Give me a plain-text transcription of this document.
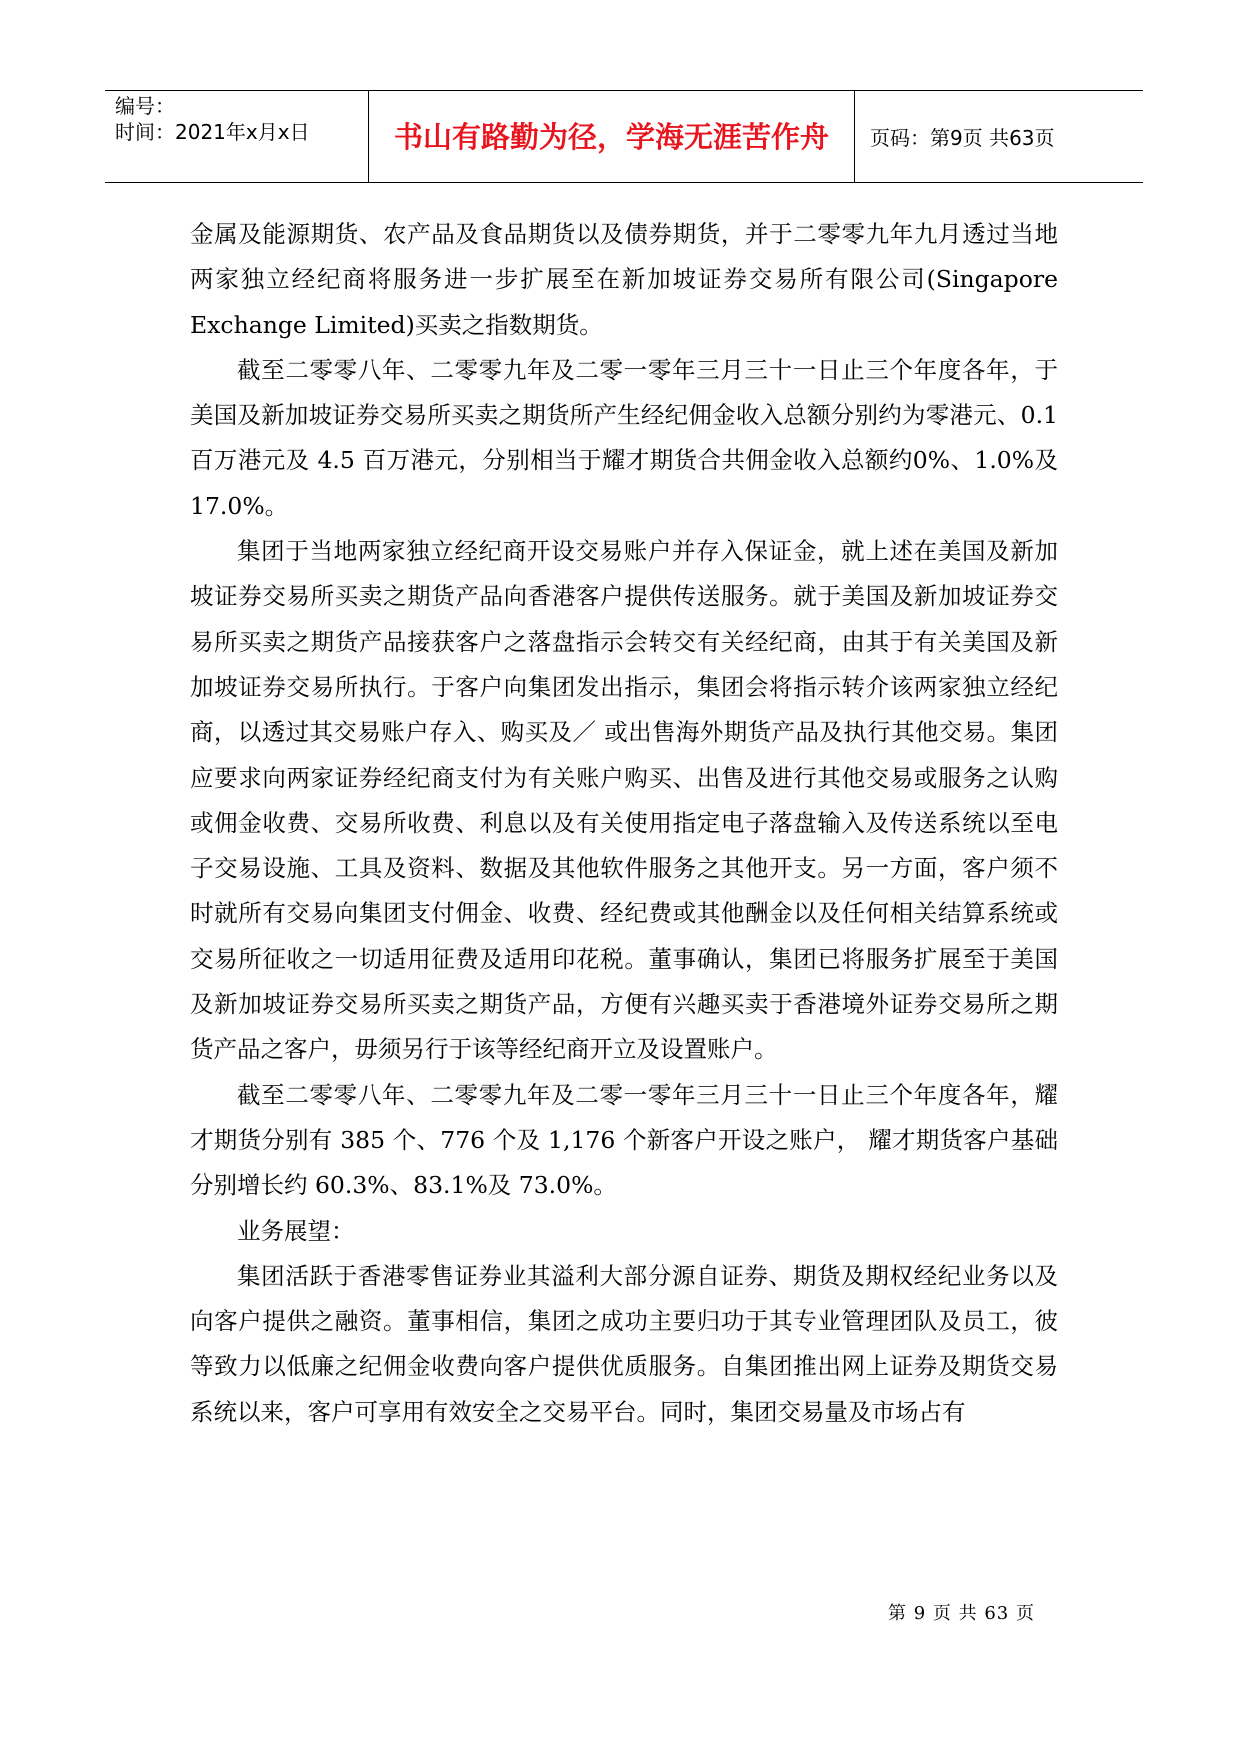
编号：
时间：2021年x月x日	书山有路勤为径，学海无涯苦作舟	页码：第9页 共63页

金属及能源期货、农产品及食品期货以及债券期货，并于二零零九年九月透过当地两家独立经纪商将服务进一步扩展至在新加坡证券交易所有限公司(Singapore Exchange Limited)买卖之指数期货。

截至二零零八年、二零零九年及二零一零年三月三十一日止三个年度各年，于美国及新加坡证券交易所买卖之期货所产生经纪佣金收入总额分别约为零港元、0.1 百万港元及 4.5 百万港元，分别相当于耀才期货合共佣金收入总额约0%、1.0%及 17.0%。

集团于当地两家独立经纪商开设交易账户并存入保证金，就上述在美国及新加坡证券交易所买卖之期货产品向香港客户提供传送服务。就于美国及新加坡证券交易所买卖之期货产品接获客户之落盘指示会转交有关经纪商，由其于有关美国及新加坡证券交易所执行。于客户向集团发出指示，集团会将指示转介该两家独立经纪商，以透过其交易账户存入、购买及／ 或出售海外期货产品及执行其他交易。集团应要求向两家证券经纪商支付为有关账户购买、出售及进行其他交易或服务之认购或佣金收费、交易所收费、利息以及有关使用指定电子落盘输入及传送系统以至电子交易设施、工具及资料、数据及其他软件服务之其他开支。另一方面，客户须不时就所有交易向集团支付佣金、收费、经纪费或其他酬金以及任何相关结算系统或交易所征收之一切适用征费及适用印花税。董事确认，集团已将服务扩展至于美国及新加坡证券交易所买卖之期货产品，方便有兴趣买卖于香港境外证券交易所之期货产品之客户，毋须另行于该等经纪商开立及设置账户。

截至二零零八年、二零零九年及二零一零年三月三十一日止三个年度各年，耀才期货分别有 385 个、776 个及 1,176 个新客户开设之账户， 耀才期货客户基础分别增长约 60.3%、83.1%及 73.0%。

业务展望：

集团活跃于香港零售证券业其溢利大部分源自证券、期货及期权经纪业务以及向客户提供之融资。董事相信，集团之成功主要归功于其专业管理团队及员工，彼等致力以低廉之纪佣金收费向客户提供优质服务。自集团推出网上证券及期货交易系统以来，客户可享用有效安全之交易平台。同时，集团交易量及市场占有

第 9 页 共 63 页
